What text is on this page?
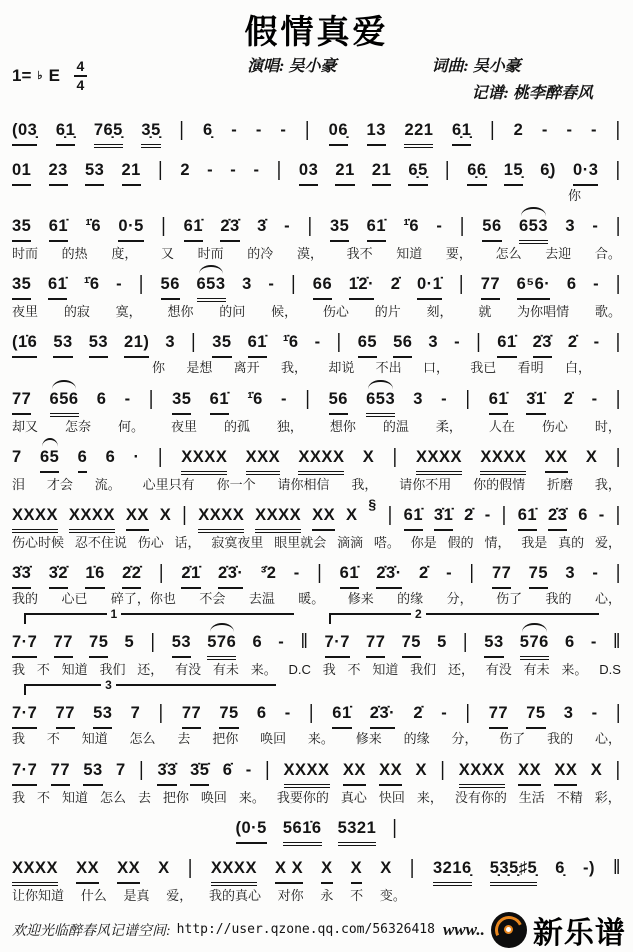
假情真爱
1= ♭ E 4
4
演唱: 吴小豪	词曲: 吴小豪
记谱: 桃李醉春风
(03̣ 6̣1̣ 76̣5̣ 3̣5̣ | 6̣ - - - | 06̣ 13 221 6̣1̣ | 2 - - - |
01 23 53 21 | 2 - - - | 03 21 21 6̣5̣ | 6̣6̣ 15̣ 6̣) 0·3 |
你
35 61̇ ¹̇6 0·5 | 61̇ 2̇3̇ 3̇ - | 35 61̇ ¹̇6 - | 56 653 3 - |
时而 的热 度， 又 时而 的冷 漠， 我不 知道 要， 怎么 去迎 合。
35 61̇ ¹̇6 - | 56 653 3 - | 66 1̇2̇· 2̇ 0·1̇ | 77 6⁵6· 6 - |
夜里 的寂 寞， 想你 的问 候， 伤心 的片 刻， 就 为你唱情 歌。
(1̇6 53 53 21) 3 | 35 61̇ ¹̇6 - | 65 56 3 - | 61̇ 2̇3̇ 2̇ - |
你 是想 离开 我， 却说 不出 口， 我已 看明 白，
77 656 6 - | 35 61̇ ¹̇6 - | 56 653 3 - | 61̇ 3̇1̇ 2̇ - |
却又 怎奈 何。 夜里 的孤 独， 想你 的温 柔， 人在 伤心 时，
7 65 6 6 · | XXXX XXX XXXX X | XXXX XXXX XX X |
泪 才会 流。 心里只有 你一个 请你相信 我， 请你不用 你的假情 折磨 我，
XXXX XXXX XX X | XXXX XXXX XX X
§ | 61̇ 3̇1̇ 2̇ - | 61̇ 2̇3̇ 6 - |
伤心时候 忍不住说 伤心 话， 寂寞夜里 眼里就会 滴滴 嗒。 你是 假的 情， 我是 真的 爱，
3̇3̇ 3̇2̇ 1̇6 2̇2̇ | 2̇1̇ 2̇3̇· ³̇2 - | 61̇ 2̇3̇· 2̇ - | 77 75 3 - |
我的 心已 碎了，你也 不会 去温 暖。 修来 的缘 分， 伤了 我的 心，
1	2
7·7 77 75 5 | 53 576 6 - ‖ 7·7 77 75 5 | 53 576 6 - ‖
我 不 知道 我们 还， 有没 有未 来。 D.C 我 不 知道 我们 还， 有没 有未 来。 D.S
3
7·7 77 53 7 | 77 75 6 - | 61̇ 2̇3̇· 2̇ - | 77 75 3 - |
我 不 知道 怎么 去 把你 唤回 来。 修来 的缘 分， 伤了 我的 心，
7·7 77 53 7 | 3̇3̇ 3̇5̇ 6̇ - | XXXX XX XX X | XXXX XX XX X |
我 不 知道 怎么 去 把你 唤回 来。 我要你的 真心 快回 来， 没有你的 生活 不精 彩，
(0·5 561̇6 5321 |
XXXX XX XX X | XXXX X X X X X | 3216̣ 5̣3̣5̣♯5̣ 6̣ -) ‖
让你知道 什么 是真 爱， 我的真心 对你 永 不 变。
欢迎光临醉春风记谱空间: http://user.qzone.qq.com/56326418 www.. 新乐谱
